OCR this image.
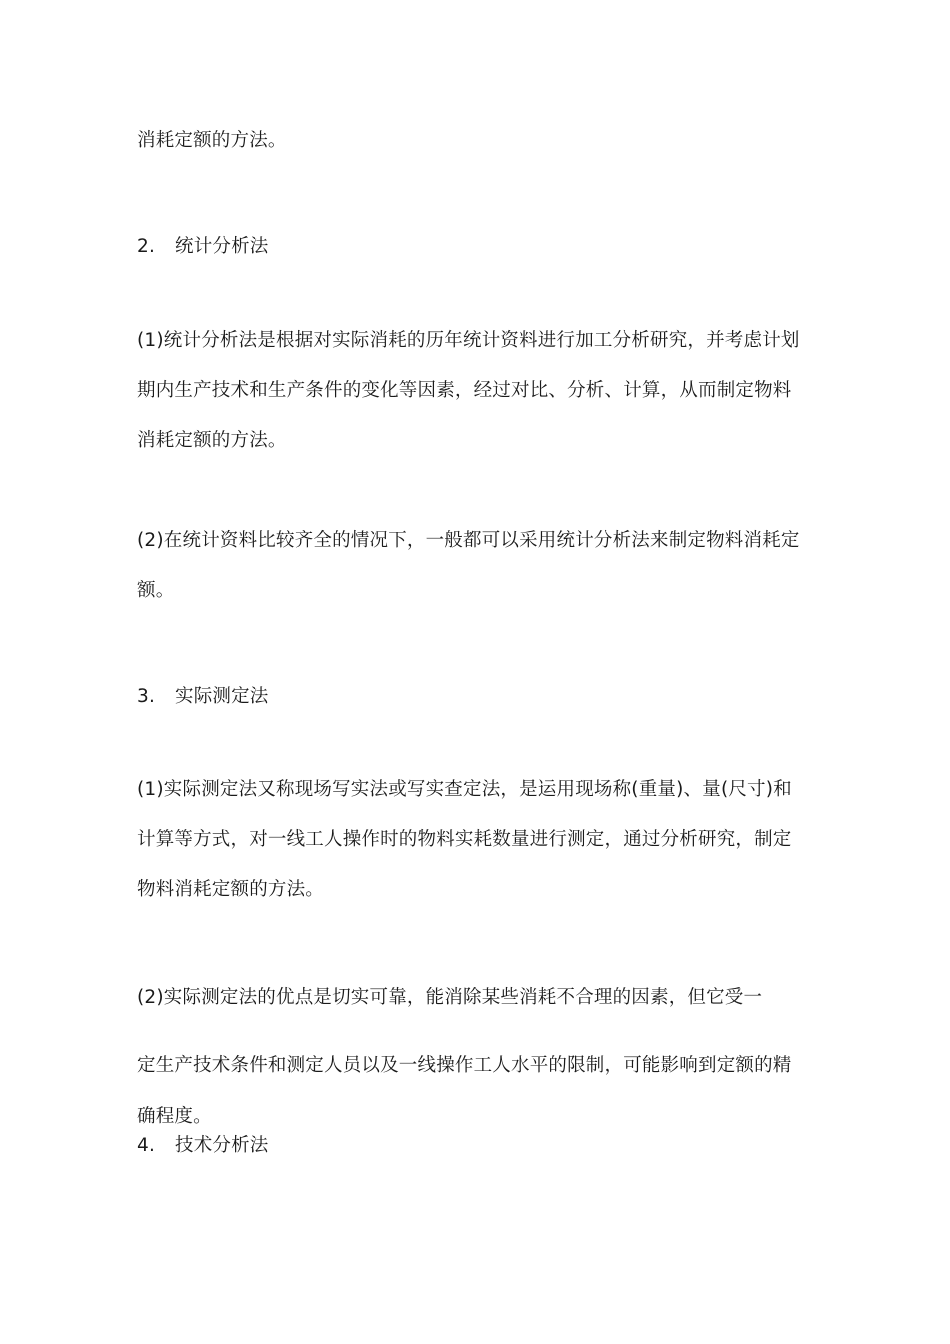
消耗定额的方法。
2. 统计分析法
(1)统计分析法是根据对实际消耗的历年统计资料进行加工分析研究，并考虑计划
期内生产技术和生产条件的变化等因素，经过对比、分析、计算，从而制定物料
消耗定额的方法。
(2)在统计资料比较齐全的情况下，一般都可以采用统计分析法来制定物料消耗定
额。
3. 实际测定法
(1)实际测定法又称现场写实法或写实查定法，是运用现场称(重量)、量(尺寸)和
计算等方式，对一线工人操作时的物料实耗数量进行测定，通过分析研究，制定
物料消耗定额的方法。
(2)实际测定法的优点是切实可靠，能消除某些消耗不合理的因素，但它受一
定生产技术条件和测定人员以及一线操作工人水平的限制，可能影响到定额的精
确程度。
4. 技术分析法
